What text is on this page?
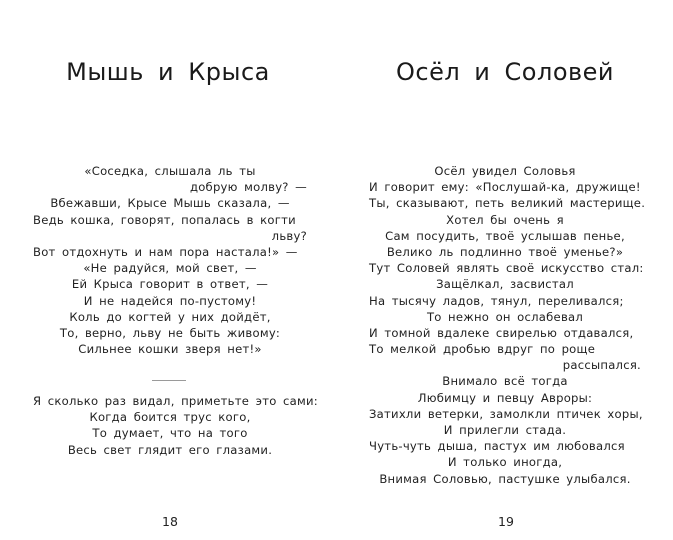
Мышь и Крыса
«Соседка, слышала ль ты
добрую молву? —
Вбежавши, Крысе Мышь сказала, —
Ведь кошка, говорят, попалась в когти
льву?
Вот отдохнуть и нам пора настала!» —
«Не радуйся, мой свет, —
Ей Крыса говорит в ответ, —
И не надейся по-пустому!
Коль до когтей у них дойдёт,
То, верно, льву не быть живому:
Сильнее кошки зверя нет!»
Я сколько раз видал, приметьте это сами:
Когда боится трус кого,
То думает, что на того
Весь свет глядит его глазами.
18
Осёл и Соловей
Осёл увидел Соловья
И говорит ему: «Послушай-ка, дружище!
Ты, сказывают, петь великий мастерище.
Хотел бы очень я
Сам посудить, твоё услышав пенье,
Велико ль подлинно твоё уменье?»
Тут Соловей являть своё искусство стал:
Защёлкал, засвистал
На тысячу ладов, тянул, переливался;
То нежно он ослабевал
И томной вдалеке свирелью отдавался,
То мелкой дробью вдруг по роще
рассыпался.
Внимало всё тогда
Любимцу и певцу Авроры:
Затихли ветерки, замолкли птичек хоры,
И прилегли стада.
Чуть-чуть дыша, пастух им любовался
И только иногда,
Внимая Соловью, пастушке улыбался.
19
